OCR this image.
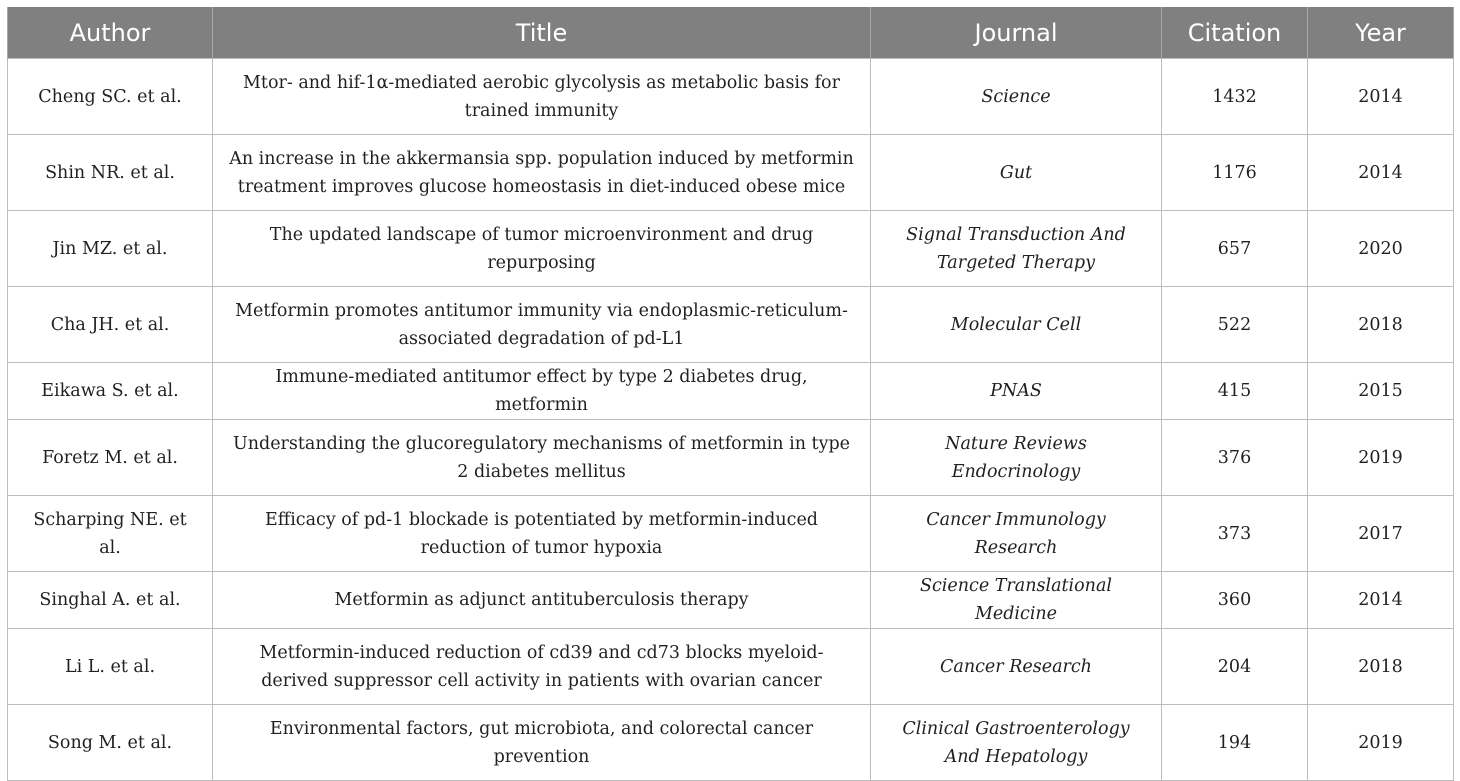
Author	Title	Journal	Citation	Year
Cheng SC. et al.	Mtor- and hif-1α-mediated aerobic glycolysis as metabolic basis for trained immunity	Science	1432	2014
Shin NR. et al.	An increase in the akkermansia spp. population induced by metformin treatment improves glucose homeostasis in diet-induced obese mice	Gut	1176	2014
Jin MZ. et al.	The updated landscape of tumor microenvironment and drug repurposing	Signal Transduction And Targeted Therapy	657	2020
Cha JH. et al.	Metformin promotes antitumor immunity via endoplasmic-reticulum-associated degradation of pd-L1	Molecular Cell	522	2018
Eikawa S. et al.	Immune-mediated antitumor effect by type 2 diabetes drug, metformin	PNAS	415	2015
Foretz M. et al.	Understanding the glucoregulatory mechanisms of metformin in type 2 diabetes mellitus	Nature Reviews Endocrinology	376	2019
Scharping NE. et al.	Efficacy of pd-1 blockade is potentiated by metformin-induced reduction of tumor hypoxia	Cancer Immunology Research	373	2017
Singhal A. et al.	Metformin as adjunct antituberculosis therapy	Science Translational Medicine	360	2014
Li L. et al.	Metformin-induced reduction of cd39 and cd73 blocks myeloid-derived suppressor cell activity in patients with ovarian cancer	Cancer Research	204	2018
Song M. et al.	Environmental factors, gut microbiota, and colorectal cancer prevention	Clinical Gastroenterology And Hepatology	194	2019
